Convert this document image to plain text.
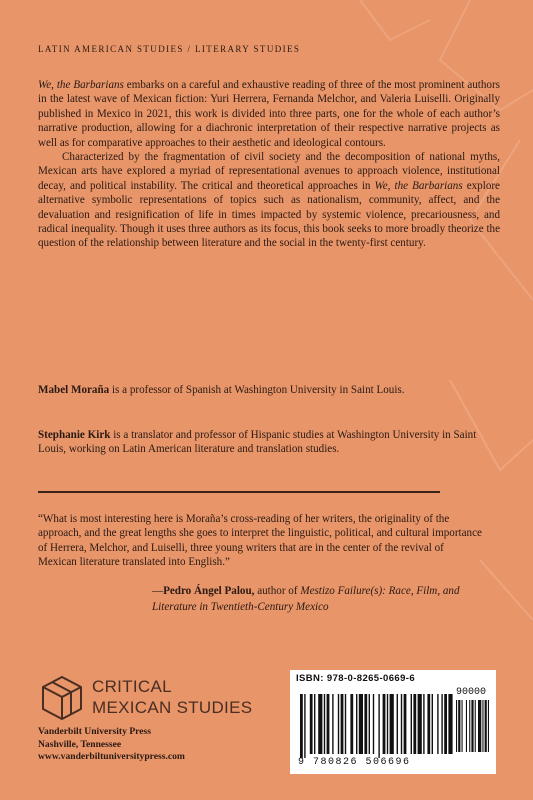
LATIN AMERICAN STUDIES / LITERARY STUDIES

We, the Barbarians embarks on a careful and exhaustive reading of three of the most prominent authors in the latest wave of Mexican fiction: Yuri Herrera, Fernanda Melchor, and Valeria Luiselli. Originally published in Mexico in 2021, this work is divided into three parts, one for the whole of each author’s narrative production, allowing for a diachronic interpretation of their respective narrative projects as well as for comparative approaches to their aesthetic and ideological contours.

Characterized by the fragmentation of civil society and the decomposition of national myths, Mexican arts have explored a myriad of representational avenues to approach violence, institutional decay, and political instability. The critical and theoretical approaches in We, the Barbarians explore alternative symbolic representations of topics such as nationalism, community, affect, and the devaluation and resignification of life in times impacted by systemic violence, precariousness, and radical inequality. Though it uses three authors as its focus, this book seeks to more broadly theorize the question of the relationship between literature and the social in the twenty-first century.

Mabel Moraña is a professor of Spanish at Washington University in Saint Louis.
Stephanie Kirk is a translator and professor of Hispanic studies at Washington University in Saint Louis, working on Latin American literature and translation studies.
“What is most interesting here is Moraña’s cross-reading of her writers, the originality of the approach, and the great lengths she goes to interpret the linguistic, political, and cultural importance of Herrera, Melchor, and Luiselli, three young writers that are in the center of the revival of Mexican literature translated into English.”
—Pedro Ángel Palou, author of Mestizo Failure(s): Race, Film, and Literature in Twentieth-Century Mexico
CRITICAL
MEXICAN STUDIES
Vanderbilt University Press
Nashville, Tennessee
www.vanderbiltuniversitypress.com
ISBN: 978-0-8265-0669-6
90000
9 780826 506696
